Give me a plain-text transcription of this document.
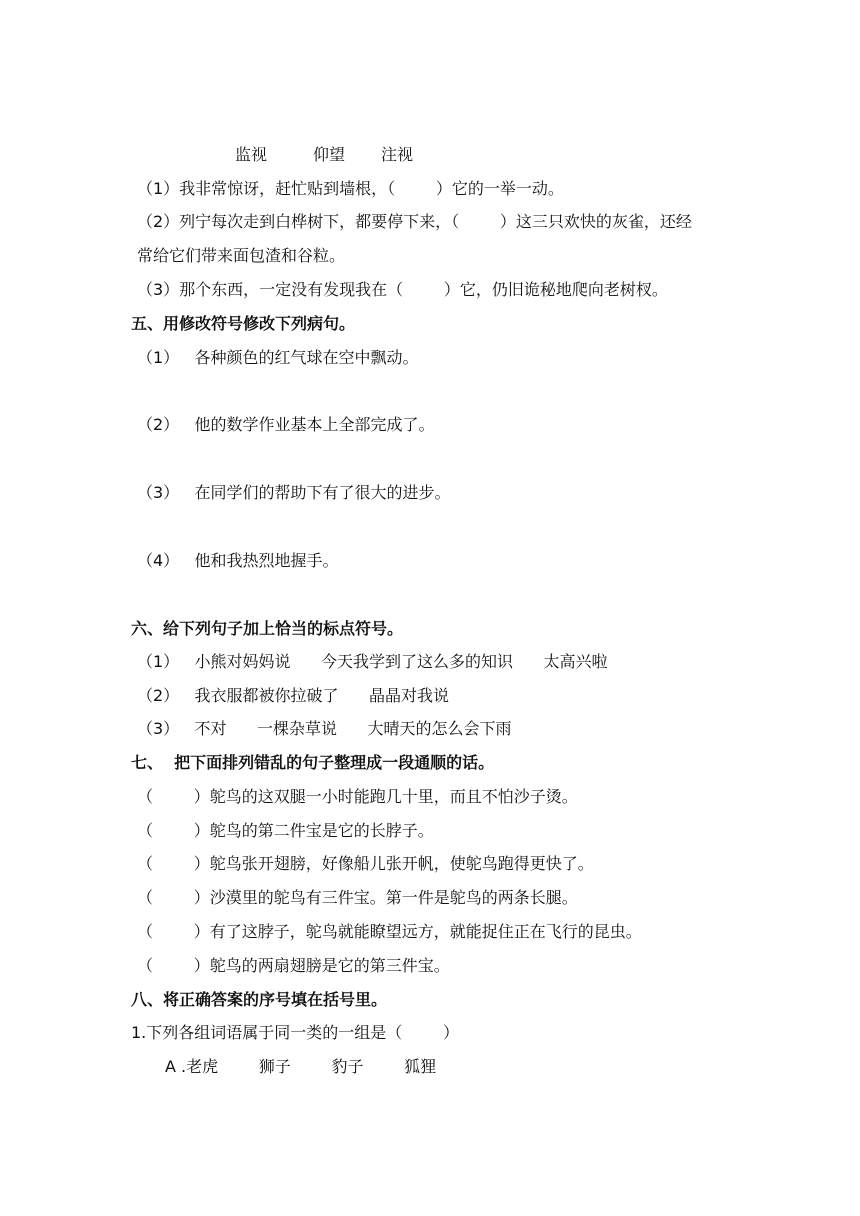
监视	仰望 注视
（1）我非常惊讶，赶忙贴到墙根，（        ）它的一举一动。
（2）列宁每次走到白桦树下，都要停下来，（        ）这三只欢快的灰雀，还经
常给它们带来面包渣和谷粒。
（3）那个东西，一定没有发现我在（        ）它，仍旧诡秘地爬向老树杈。
五、用修改符号修改下列病句。
（1）   各种颜色的红气球在空中飘动。
（2）   他的数学作业基本上全部完成了。
（3）   在同学们的帮助下有了很大的进步。
（4）   他和我热烈地握手。
六、给下列句子加上恰当的标点符号。
（1）   小熊对妈妈说      今天我学到了这么多的知识      太高兴啦
（2）   我衣服都被你拉破了      晶晶对我说
（3）   不对      一棵杂草说      大晴天的怎么会下雨
七、  把下面排列错乱的句子整理成一段通顺的话。
（        ）鸵鸟的这双腿一小时能跑几十里，而且不怕沙子烫。
（        ）鸵鸟的第二件宝是它的长脖子。
（        ）鸵鸟张开翅膀，好像船儿张开帆，使鸵鸟跑得更快了。
（        ）沙漠里的鸵鸟有三件宝。第一件是鸵鸟的两条长腿。
（        ）有了这脖子，鸵鸟就能瞭望远方，就能捉住正在飞行的昆虫。
（        ）鸵鸟的两扇翅膀是它的第三件宝。
八、将正确答案的序号填在括号里。
1.下列各组词语属于同一类的一组是（        ）
A .老虎        狮子        豹子        狐狸
